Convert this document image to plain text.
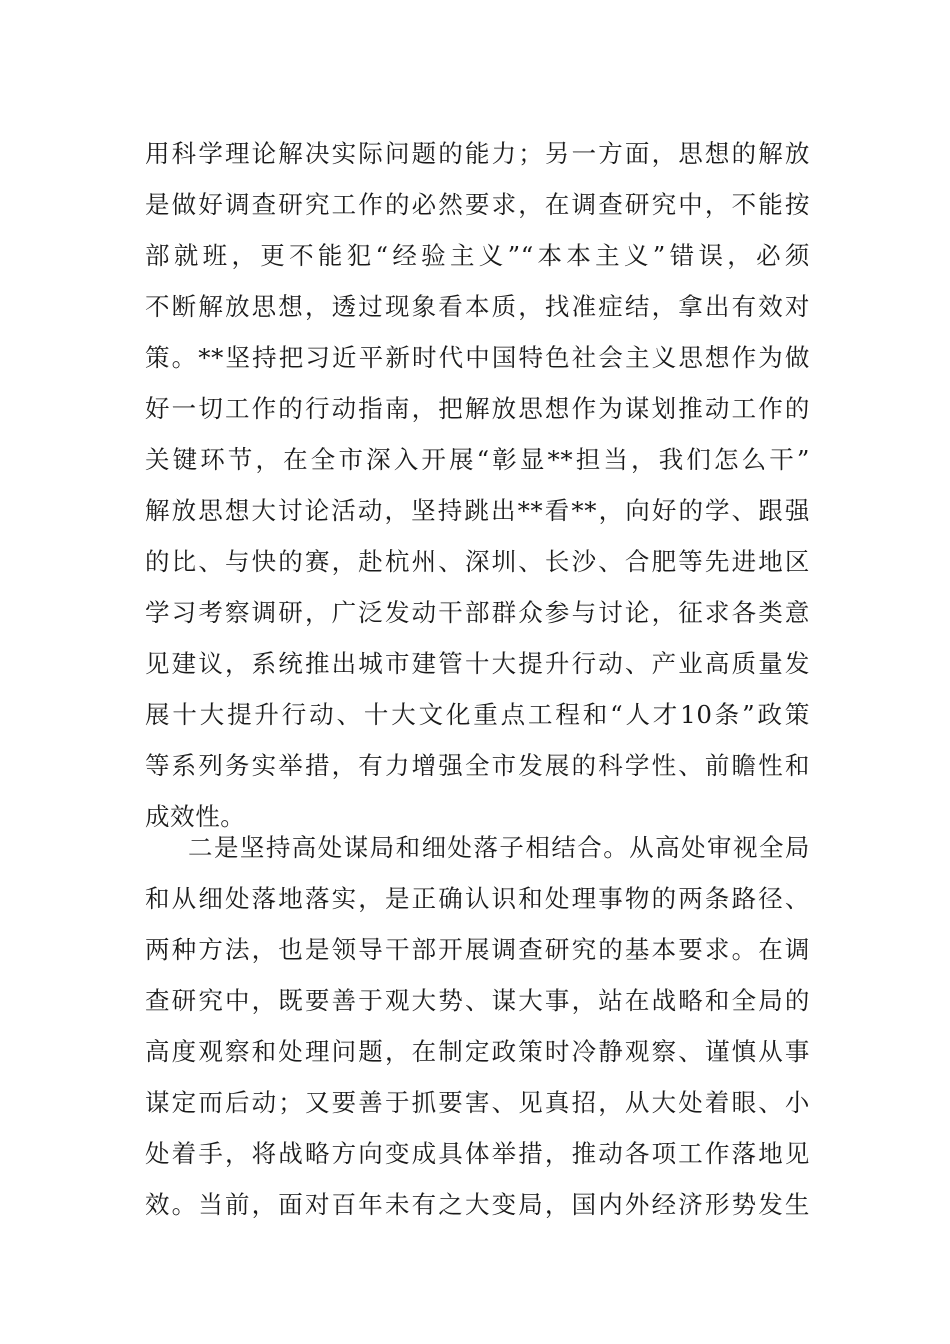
用科学理论解决实际问题的能力；另一方面，思想的解放
是做好调查研究工作的必然要求，在调查研究中，不能按
部就班，更不能犯“经验主义”“本本主义”错误，必须
不断解放思想，透过现象看本质，找准症结，拿出有效对
策。**坚持把习近平新时代中国特色社会主义思想作为做
好一切工作的行动指南，把解放思想作为谋划推动工作的
关键环节，在全市深入开展“彰显**担当，我们怎么干”
解放思想大讨论活动，坚持跳出**看**，向好的学、跟强
的比、与快的赛，赴杭州、深圳、长沙、合肥等先进地区
学习考察调研，广泛发动干部群众参与讨论，征求各类意
见建议，系统推出城市建管十大提升行动、产业高质量发
展十大提升行动、十大文化重点工程和“人才10条”政策
等系列务实举措，有力增强全市发展的科学性、前瞻性和
成效性。
二是坚持高处谋局和细处落子相结合。从高处审视全局
和从细处落地落实，是正确认识和处理事物的两条路径、
两种方法，也是领导干部开展调查研究的基本要求。在调
查研究中，既要善于观大势、谋大事，站在战略和全局的
高度观察和处理问题，在制定政策时冷静观察、谨慎从事
谋定而后动；又要善于抓要害、见真招，从大处着眼、小
处着手，将战略方向变成具体举措，推动各项工作落地见
效。当前，面对百年未有之大变局，国内外经济形势发生
